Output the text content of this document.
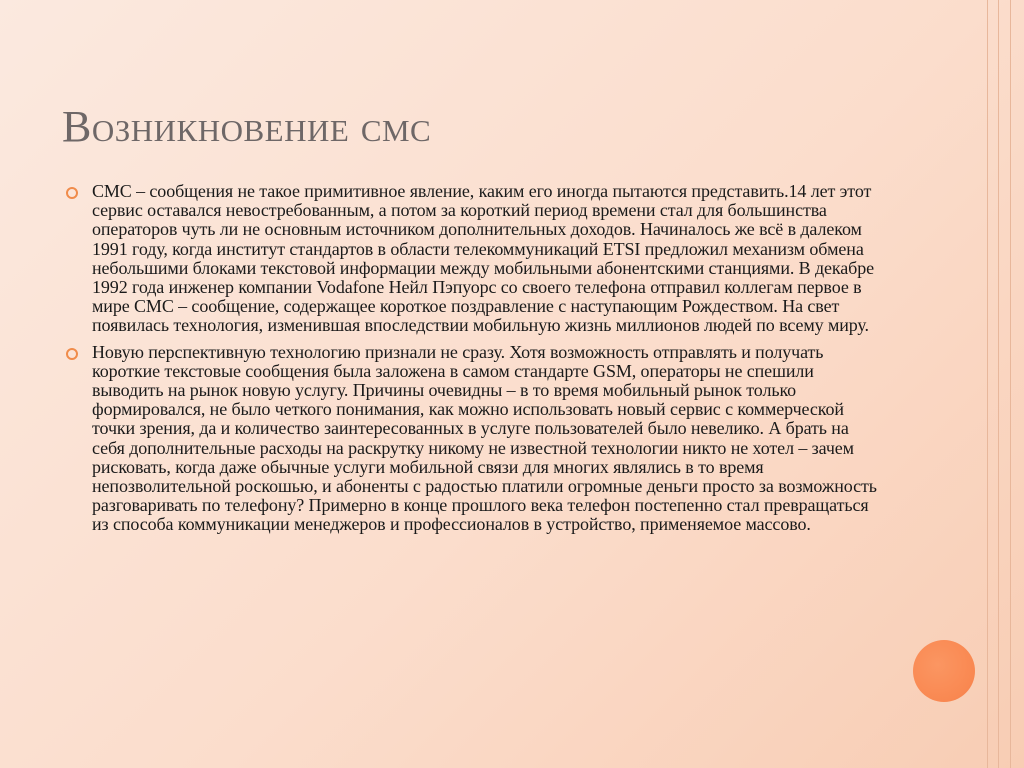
Возникновение смс
СМС – сообщения не такое примитивное явление, каким его иногда пытаются представить.14 лет этот сервис оставался невостребованным, а потом за короткий период времени стал для большинства операторов чуть ли не основным источником дополнительных доходов. Начиналось же всё в далеком 1991 году, когда институт стандартов в области телекоммуникаций ETSI предложил механизм обмена небольшими блоками текстовой информации между мобильными абонентскими станциями. В декабре 1992 года инженер компании Vodafone Нейл Пэпуорс со своего телефона отправил коллегам первое в мире СМС – сообщение, содержащее короткое поздравление с наступающим Рождеством. На свет появилась технология, изменившая впоследствии мобильную жизнь миллионов людей по всему миру.
Новую перспективную технологию признали не сразу. Хотя возможность отправлять и получать короткие текстовые сообщения была заложена в самом стандарте GSM, операторы не спешили выводить на рынок новую услугу. Причины очевидны – в то время мобильный рынок только формировался, не было четкого понимания, как можно использовать новый сервис с коммерческой точки зрения, да и количество заинтересованных в услуге пользователей было невелико. А брать на себя дополнительные расходы на раскрутку никому не известной технологии никто не хотел – зачем рисковать, когда даже обычные услуги мобильной связи для многих являлись в то время непозволительной роскошью, и абоненты с радостью платили огромные деньги просто за возможность разговаривать по телефону? Примерно в конце прошлого века телефон постепенно стал превращаться из способа коммуникации менеджеров и профессионалов в устройство, применяемое массово.
